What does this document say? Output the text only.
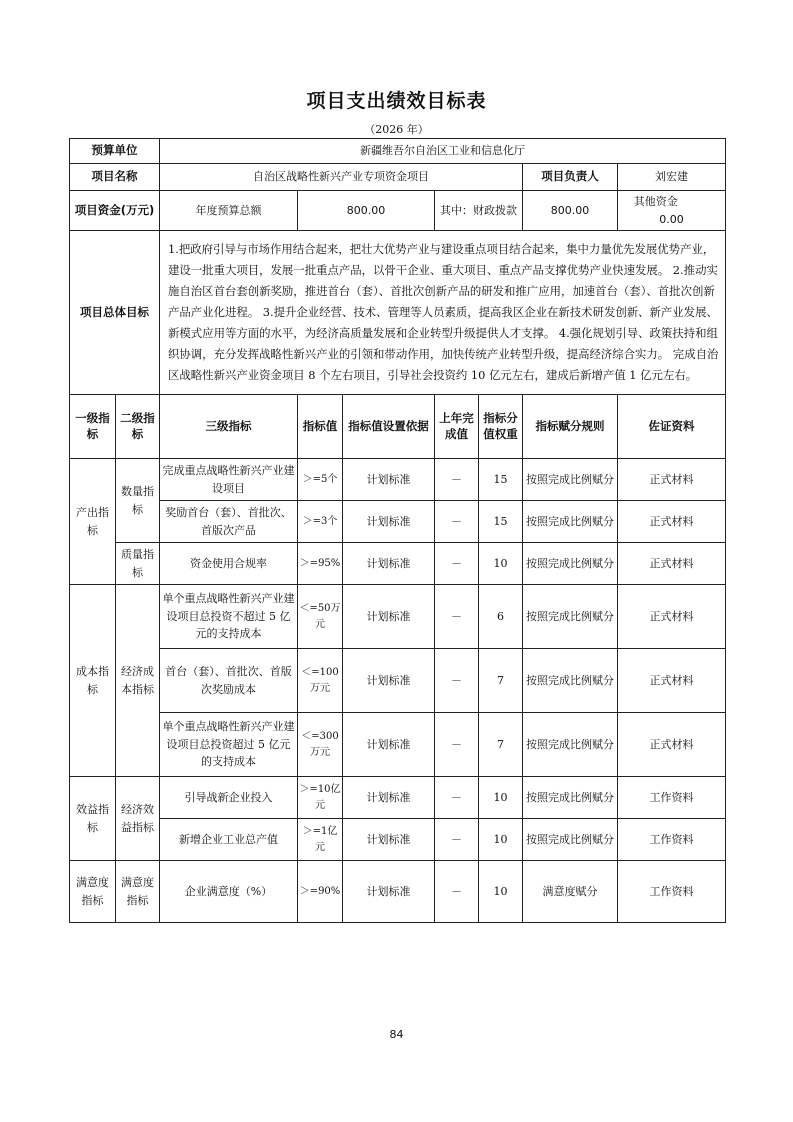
项目支出绩效目标表
（2026 年）
预算单位		新疆维吾尔自治区工业和信息化厅						
项目名称		自治区战略性新兴产业专项资金项目					项目负责人	刘宏建
项目资金(万元)		年度预算总额	800.00		其中：财政拨款		800.00	其他资金  0.00
项目总体目标		1.把政府引导与市场作用结合起来，把壮大优势产业与建设重点项目结合起来，集中力量优先发展优势产业，建设一批重大项目，发展一批重点产品，以骨干企业、重大项目、重点产品支撑优势产业快速发展。 2.推动实施自治区首台套创新奖励，推进首台（套）、首批次创新产品的研发和推广应用，加速首台（套）、首批次创新产品产业化进程。 3.提升企业经营、技术、管理等人员素质，提高我区企业在新技术研发创新、新产业发展、新模式应用等方面的水平，为经济高质量发展和企业转型升级提供人才支撑。 4.强化规划引导、政策扶持和组织协调，充分发挥战略性新兴产业的引领和带动作用，加快传统产业转型升级，提高经济综合实力。 完成自治区战略性新兴产业资金项目 8 个左右项目，引导社会投资约 10 亿元左右，建成后新增产值 1 亿元左右。						
一级指标	二级指标	三级指标	指标值	指标值设置依据	上年完成值	指标分值权重	指标赋分规则	佐证资料
产出指标	数量指标	完成重点战略性新兴产业建设项目	＞=5个	计划标准	－	15	按照完成比例赋分	正式材料
		奖励首台（套）、首批次、首版次产品	＞=3个	计划标准	－	15	按照完成比例赋分	正式材料
	质量指标	资金使用合规率	＞=95%	计划标准	－	10	按照完成比例赋分	正式材料
成本指标	经济成本指标	单个重点战略性新兴产业建设项目总投资不超过 5 亿元的支持成本	＜=50万元	计划标准	－	6	按照完成比例赋分	正式材料
		首台（套）、首批次、首版次奖励成本	＜=100万元	计划标准	－	7	按照完成比例赋分	正式材料
		单个重点战略性新兴产业建设项目总投资超过 5 亿元的支持成本	＜=300万元	计划标准	－	7	按照完成比例赋分	正式材料
效益指标	经济效益指标	引导战新企业投入	＞=10亿元	计划标准	－	10	按照完成比例赋分	工作资料
		新增企业工业总产值	＞=1亿元	计划标准	－	10	按照完成比例赋分	工作资料
满意度指标	满意度指标	企业满意度（%）	＞=90%	计划标准	－	10	满意度赋分	工作资料
84
